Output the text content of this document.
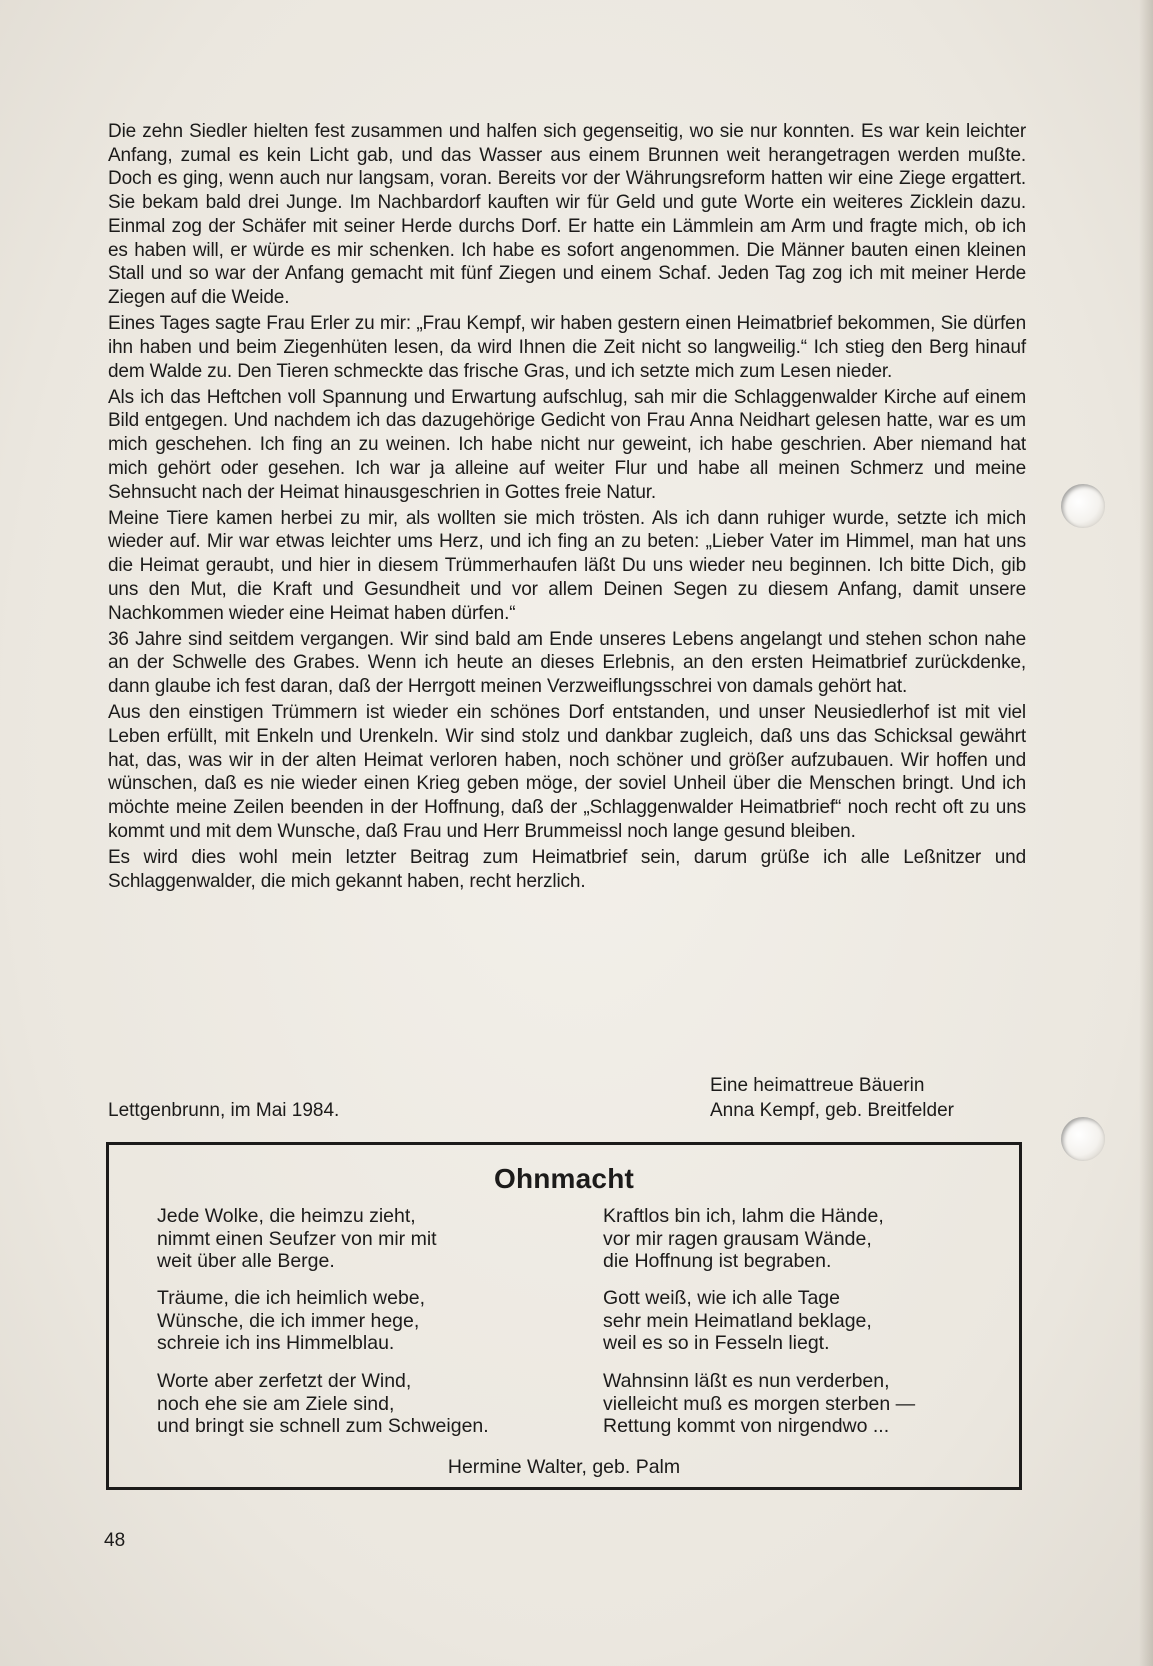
Die zehn Siedler hielten fest zusammen und halfen sich gegenseitig, wo sie nur konnten. Es war kein leichter Anfang, zumal es kein Licht gab, und das Wasser aus einem Brunnen weit herangetragen werden mußte. Doch es ging, wenn auch nur langsam, voran. Bereits vor der Währungsreform hatten wir eine Ziege ergattert. Sie bekam bald drei Junge. Im Nachbardorf kauften wir für Geld und gute Worte ein weiteres Zicklein dazu. Einmal zog der Schäfer mit seiner Herde durchs Dorf. Er hatte ein Lämmlein am Arm und fragte mich, ob ich es haben will, er würde es mir schenken. Ich habe es sofort angenommen. Die Männer bauten einen kleinen Stall und so war der Anfang gemacht mit fünf Ziegen und einem Schaf. Jeden Tag zog ich mit meiner Herde Ziegen auf die Weide.

Eines Tages sagte Frau Erler zu mir: „Frau Kempf, wir haben gestern einen Heimatbrief bekommen, Sie dürfen ihn haben und beim Ziegenhüten lesen, da wird Ihnen die Zeit nicht so langweilig.“ Ich stieg den Berg hinauf dem Walde zu. Den Tieren schmeckte das frische Gras, und ich setzte mich zum Lesen nieder.

Als ich das Heftchen voll Spannung und Erwartung aufschlug, sah mir die Schlaggenwalder Kirche auf einem Bild entgegen. Und nachdem ich das dazugehörige Gedicht von Frau Anna Neidhart gelesen hatte, war es um mich geschehen. Ich fing an zu weinen. Ich habe nicht nur geweint, ich habe geschrien. Aber niemand hat mich gehört oder gesehen. Ich war ja alleine auf weiter Flur und habe all meinen Schmerz und meine Sehnsucht nach der Heimat hinausgeschrien in Gottes freie Natur.

Meine Tiere kamen herbei zu mir, als wollten sie mich trösten. Als ich dann ruhiger wurde, setzte ich mich wieder auf. Mir war etwas leichter ums Herz, und ich fing an zu beten: „Lieber Vater im Himmel, man hat uns die Heimat geraubt, und hier in diesem Trümmerhaufen läßt Du uns wieder neu beginnen. Ich bitte Dich, gib uns den Mut, die Kraft und Gesundheit und vor allem Deinen Segen zu diesem Anfang, damit unsere Nachkommen wieder eine Heimat haben dürfen.“

36 Jahre sind seitdem vergangen. Wir sind bald am Ende unseres Lebens angelangt und stehen schon nahe an der Schwelle des Grabes. Wenn ich heute an dieses Erlebnis, an den ersten Heimatbrief zurückdenke, dann glaube ich fest daran, daß der Herrgott meinen Verzweiflungsschrei von damals gehört hat.

Aus den einstigen Trümmern ist wieder ein schönes Dorf entstanden, und unser Neusiedlerhof ist mit viel Leben erfüllt, mit Enkeln und Urenkeln. Wir sind stolz und dankbar zugleich, daß uns das Schicksal gewährt hat, das, was wir in der alten Heimat verloren haben, noch schöner und größer aufzubauen. Wir hoffen und wünschen, daß es nie wieder einen Krieg geben möge, der soviel Unheil über die Menschen bringt. Und ich möchte meine Zeilen beenden in der Hoffnung, daß der „Schlaggenwalder Heimatbrief“ noch recht oft zu uns kommt und mit dem Wunsche, daß Frau und Herr Brummeissl noch lange gesund bleiben.

Es wird dies wohl mein letzter Beitrag zum Heimatbrief sein, darum grüße ich alle Leßnitzer und Schlaggenwalder, die mich gekannt haben, recht herzlich.

Eine heimattreue Bäuerin
Lettgenbrunn, im Mai 1984.	Anna Kempf, geb. Breitfelder
Ohnmacht
Jede Wolke, die heimzu zieht,
nimmt einen Seufzer von mir mit
weit über alle Berge.
Träume, die ich heimlich webe,
Wünsche, die ich immer hege,
schreie ich ins Himmelblau.
Worte aber zerfetzt der Wind,
noch ehe sie am Ziele sind,
und bringt sie schnell zum Schweigen.
Kraftlos bin ich, lahm die Hände,
vor mir ragen grausam Wände,
die Hoffnung ist begraben.
Gott weiß, wie ich alle Tage
sehr mein Heimatland beklage,
weil es so in Fesseln liegt.
Wahnsinn läßt es nun verderben,
vielleicht muß es morgen sterben —
Rettung kommt von nirgendwo ...
Hermine Walter, geb. Palm
48
